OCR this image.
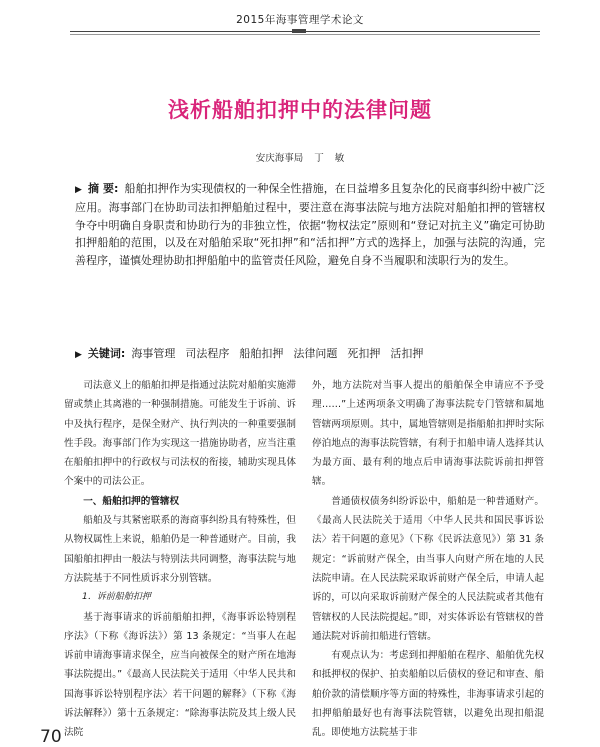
2015年海事管理学术论文
浅析船舶扣押中的法律问题
安庆海事局 丁 敏
▶ 摘 要: 船舶扣押作为实现债权的一种保全性措施，在日益增多且复杂化的民商事纠纷中被广泛应用。海事部门在协助司法扣押船舶过程中，要注意在海事法院与地方法院对船舶扣押的管辖权争夺中明确自身职责和协助行为的非独立性，依据“物权法定”原则和“登记对抗主义”确定可协助扣押船舶的范围，以及在对船舶采取“死扣押”和“活扣押”方式的选择上，加强与法院的沟通，完善程序，谨慎处理协助扣押船舶中的监管责任风险，避免自身不当履职和渎职行为的发生。
▶ 关键词: 海事管理 司法程序 船舶扣押 法律问题 死扣押 活扣押

司法意义上的船舶扣押是指通过法院对船舶实施滞留或禁止其离港的一种强制措施。可能发生于诉前、诉中及执行程序，是保全财产、执行判决的一种重要强制性手段。海事部门作为实现这一措施协助者，应当注重在船舶扣押中的行政权与司法权的衔接，辅助实现具体个案中的司法公正。

一、船舶扣押的管辖权

船舶及与其紧密联系的海商事纠纷具有特殊性，但从物权属性上来说，船舶仍是一种普通财产。目前，我国船舶扣押由一般法与特别法共同调整，海事法院与地方法院基于不同性质诉求分别管辖。

1．诉前船舶扣押

基于海事请求的诉前船舶扣押，《海事诉讼特别程序法》（下称《海诉法》）第 13 条规定：“当事人在起诉前申请海事请求保全，应当向被保全的财产所在地海事法院提出。”《最高人民法院关于适用〈中华人民共和国海事诉讼特别程序法〉若干问题的解释》（下称《海诉法解释》）第十五条规定：“除海事法院及其上级人民法院

外，地方法院对当事人提出的船舶保全申请应不予受理……”上述两项条文明确了海事法院专门管辖和属地管辖两项原则。其中，属地管辖则是指船舶扣押时实际停泊地点的海事法院管辖，有利于扣船申请人选择其认为最方面、最有利的地点后申请海事法院诉前扣押管辖。

普通债权债务纠纷诉讼中，船舶是一种普通财产。《最高人民法院关于适用〈中华人民共和国民事诉讼法〉若干问题的意见》（下称《民诉法意见》）第 31 条规定：“诉前财产保全，由当事人向财产所在地的人民法院申请。在人民法院采取诉前财产保全后，申请人起诉的，可以向采取诉前财产保全的人民法院或者其他有管辖权的人民法院提起。”即，对实体诉讼有管辖权的普通法院对诉前扣船进行管辖。

有观点认为：考虑到扣押船舶在程序、船舶优先权和抵押权的保护、拍卖船舶以后债权的登记和审查、船舶价款的清偿顺序等方面的特殊性，非海事请求引起的扣押船舶最好也有海事法院管辖，以避免出现扣船混乱。即使地方法院基于非

70
